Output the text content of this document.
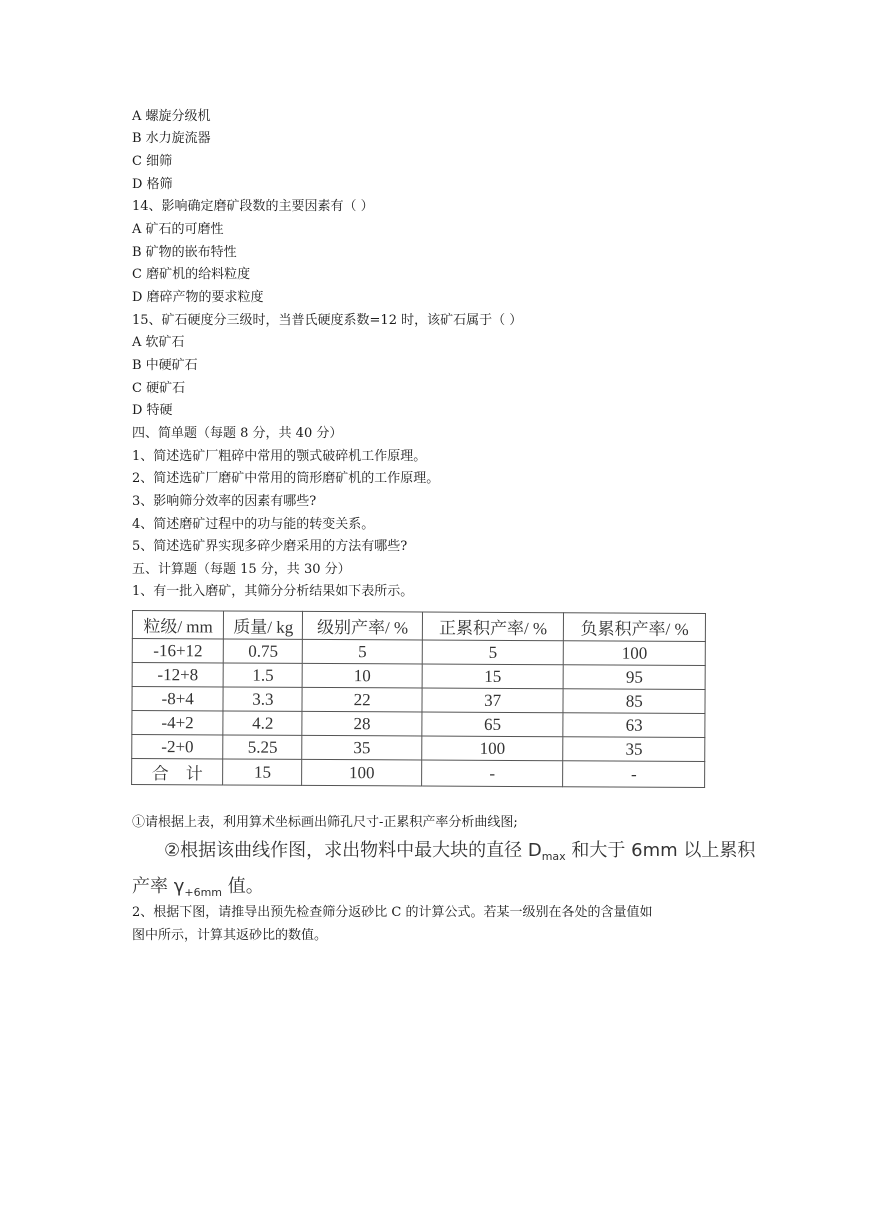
A 螺旋分级机
B 水力旋流器
C 细筛
D 格筛
14、影响确定磨矿段数的主要因素有（ ）
A 矿石的可磨性
B 矿物的嵌布特性
C 磨矿机的给料粒度
D 磨碎产物的要求粒度
15、矿石硬度分三级时，当普氏硬度系数=12 时，该矿石属于（ ）
A 软矿石
B 中硬矿石
C 硬矿石
D 特硬
四、简单题（每题 8 分，共 40 分）
1、简述选矿厂粗碎中常用的颚式破碎机工作原理。
2、简述选矿厂磨矿中常用的筒形磨矿机的工作原理。
3、影响筛分效率的因素有哪些?
4、简述磨矿过程中的功与能的转变关系。
5、简述选矿界实现多碎少磨采用的方法有哪些?
五、计算题（每题 15 分，共 30 分）
1、有一批入磨矿，其筛分分析结果如下表所示。
粒级/ mm	质量/ kg	级别产率/ %	正累积产率/ %	负累积产率/ %
-16+12	0.75	5	5	100
-12+8	1.5	10	15	95
-8+4	3.3	22	37	85
-4+2	4.2	28	65	63
-2+0	5.25	35	100	35
合　计	15	100	-	-
①请根据上表，利用算术坐标画出筛孔尺寸-正累积产率分析曲线图;
②根据该曲线作图，求出物料中最大块的直径 $D_{max}$ 和大于 6mm 以上累积
产率 $\gamma_{+6mm}$ 值。
2、根据下图，请推导出预先检查筛分返砂比 C 的计算公式。若某一级别在各处的含量值如
图中所示，计算其返砂比的数值。
